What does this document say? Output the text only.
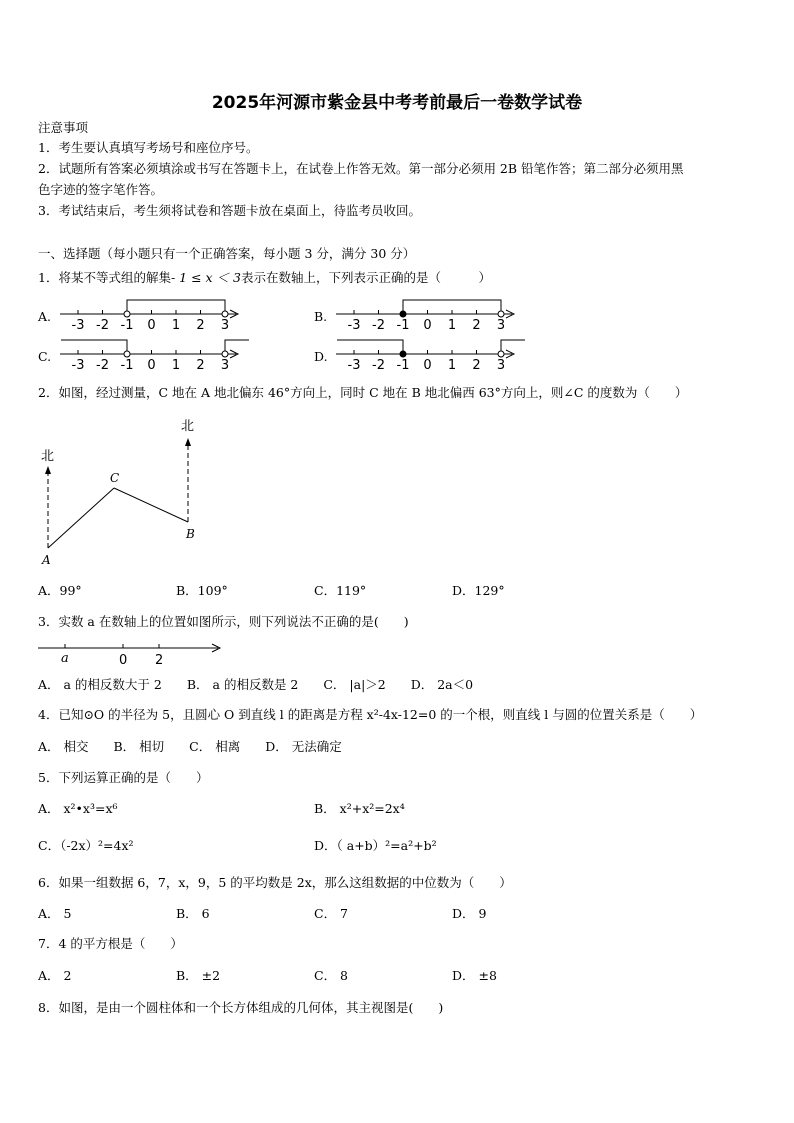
2025年河源市紫金县中考考前最后一卷数学试卷
注意事项
1．考生要认真填写考场号和座位序号。
2．试题所有答案必须填涂或书写在答题卡上，在试卷上作答无效。第一部分必须用 2B 铅笔作答；第二部分必须用黑
色字迹的签字笔作答。
3．考试结束后，考生须将试卷和答题卡放在桌面上，待监考员收回。
一、选择题（每小题只有一个正确答案，每小题 3 分，满分 30 分）
1．将某不等式组的解集- 1 ≤ x ＜ 3表示在数轴上，下列表示正确的是（　　　）
A.	B.
C.	D.
-3 -2 -1 0 1 2 3	-3 -2 -1 0 1 2 3
-3 -2 -1 0 1 2 3	-3 -2 -1 0 1 2 3
2．如图，经过测量，C 地在 A 地北偏东 46°方向上，同时 C 地在 B 地北偏西 63°方向上，则∠C 的度数为（　　）
北
北
A
B
C
A．99°	B．109°	C．119°	D．129°
3．实数 a 在数轴上的位置如图所示，则下列说法不正确的是(　　)
a	0 2
A． a 的相反数大于 2　　B． a 的相反数是 2　　C． |a|＞2　　D． 2a＜0
4．已知⊙O 的半径为 5，且圆心 O 到直线 l 的距离是方程 x²-4x-12=0 的一个根，则直线 l 与圆的位置关系是（　　）
A． 相交　　B． 相切　　C． 相离　　D． 无法确定
5．下列运算正确的是（　　）
A． x²•x³=x⁶	B． x²+x²=2x⁴
C．（-2x）²=4x²	D．（ a+b）²=a²+b²
6．如果一组数据 6，7，x，9，5 的平均数是 2x，那么这组数据的中位数为（　　）
A． 5	B． 6	C． 7	D． 9
7．4 的平方根是（　　）
A． 2	B． ±2	C． 8	D． ±8
8．如图，是由一个圆柱体和一个长方体组成的几何体，其主视图是(　　)
